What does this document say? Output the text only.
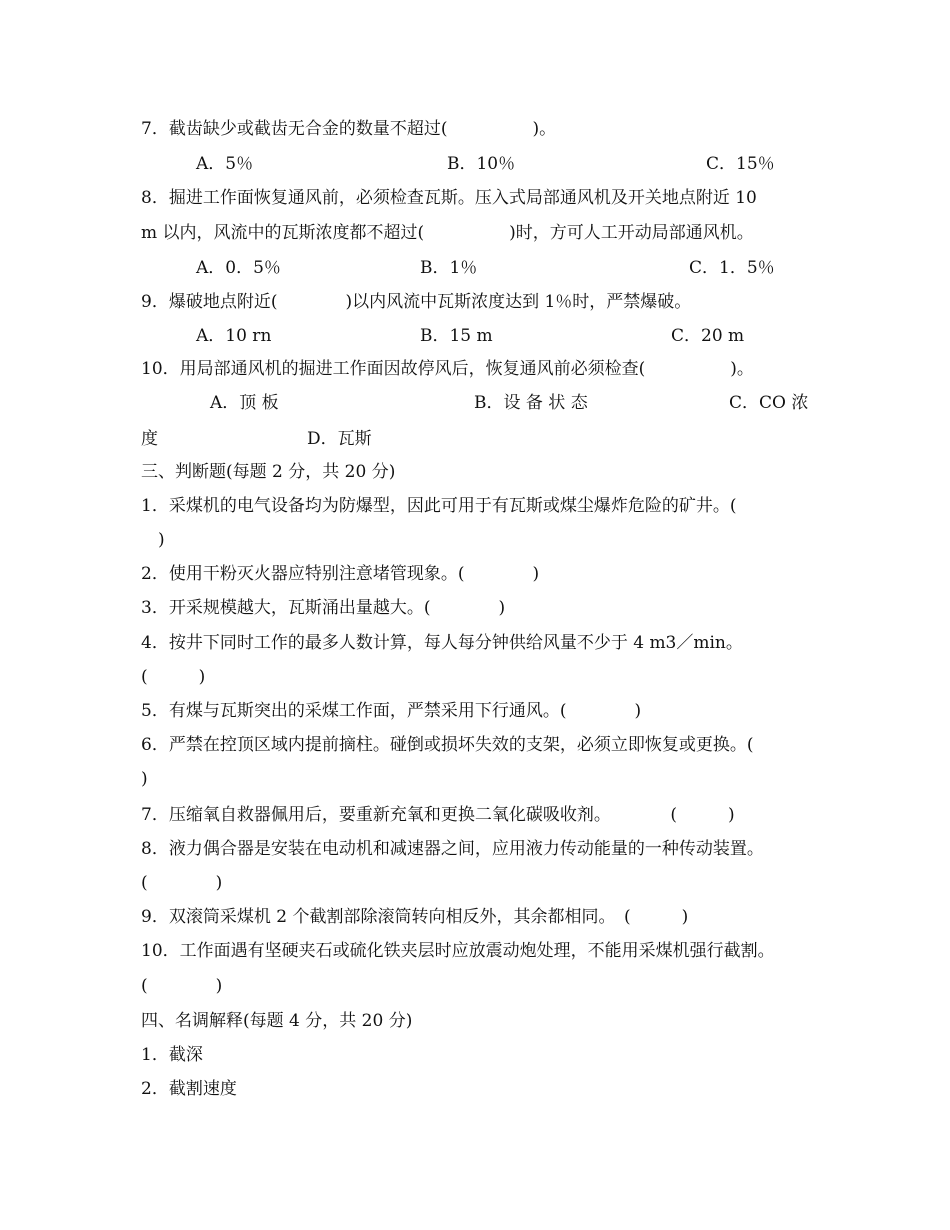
7．截齿缺少或截齿无合金的数量不超过(　　　　　)。
A．5％	B．10％	C．15％
8．掘进工作面恢复通风前，必须检查瓦斯。压入式局部通风机及开关地点附近 10
m 以内，风流中的瓦斯浓度都不超过(　　　　　)时，方可人工开动局部通风机。
A．0．5％	B．1％	C．1．5％
9．爆破地点附近(　　　　)以内风流中瓦斯浓度达到 1％时，严禁爆破。
A．10 rn	B．15 m	C．20 m
10．用局部通风机的掘进工作面因故停风后，恢复通风前必须检查(　　　　　)。
A．顶 板	B．设 备 状 态	C．CO 浓
度	D．瓦斯
三、判断题(每题 2 分，共 20 分)
1．采煤机的电气设备均为防爆型，因此可用于有瓦斯或煤尘爆炸危险的矿井。(
)
2．使用干粉灭火器应特别注意堵管现象。(　　　　)
3．开采规模越大，瓦斯涌出量越大。(　　　　)
4．按井下同时工作的最多人数计算，每人每分钟供给风量不少于 4 m3／min。
(　　　)
5．有煤与瓦斯突出的采煤工作面，严禁采用下行通风。(　　　　)
6．严禁在控顶区域内提前摘柱。碰倒或损坏失效的支架，必须立即恢复或更换。(
)
7．压缩氧自救器佩用后，要重新充氧和更换二氧化碳吸收剂。　　　　(　　　)
8．液力偶合器是安装在电动机和减速器之间，应用液力传动能量的一种传动装置。
(　　　　)
9．双滚筒采煤机 2 个截割部除滚筒转向相反外，其余都相同。　(　　　)
10．工作面遇有坚硬夹石或硫化铁夹层时应放震动炮处理，不能用采煤机强行截割。
(　　　　)
四、名调解释(每题 4 分，共 20 分)
1．截深
2．截割速度
